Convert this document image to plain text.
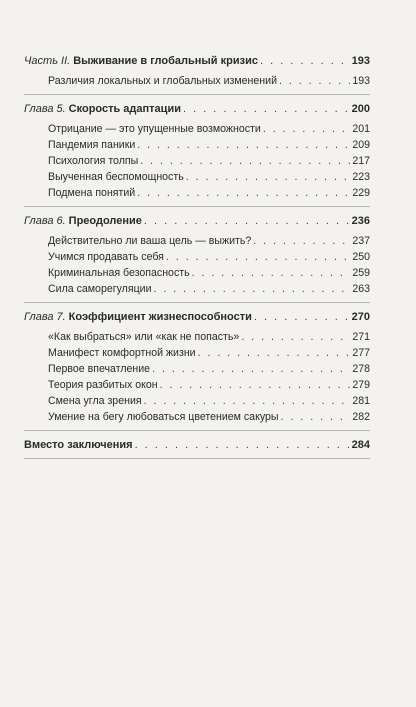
Часть II. Выживание в глобальный кризис . . .	193
Различия локальных и глобальных изменений . . .	193
Глава 5. Скорость адаптации . . .	200
Отрицание — это упущенные возможности . . .	201
Пандемия паники . . .	209
Психология толпы . . .	217
Выученная беспомощность . . .	223
Подмена понятий . . .	229
Глава 6. Преодоление . . .	236
Действительно ли ваша цель — выжить? . . .	237
Учимся продавать себя . . .	250
Криминальная безопасность . . .	259
Сила саморегуляции . . .	263
Глава 7. Коэффициент жизнеспособности . . .	270
«Как выбраться» или «как не попасть» . . .	271
Манифест комфортной жизни . . .	277
Первое впечатление . . .	278
Теория разбитых окон . . .	279
Смена угла зрения . . .	281
Умение на бегу любоваться цветением сакуры . . .	282
Вместо заключения . . .	284
